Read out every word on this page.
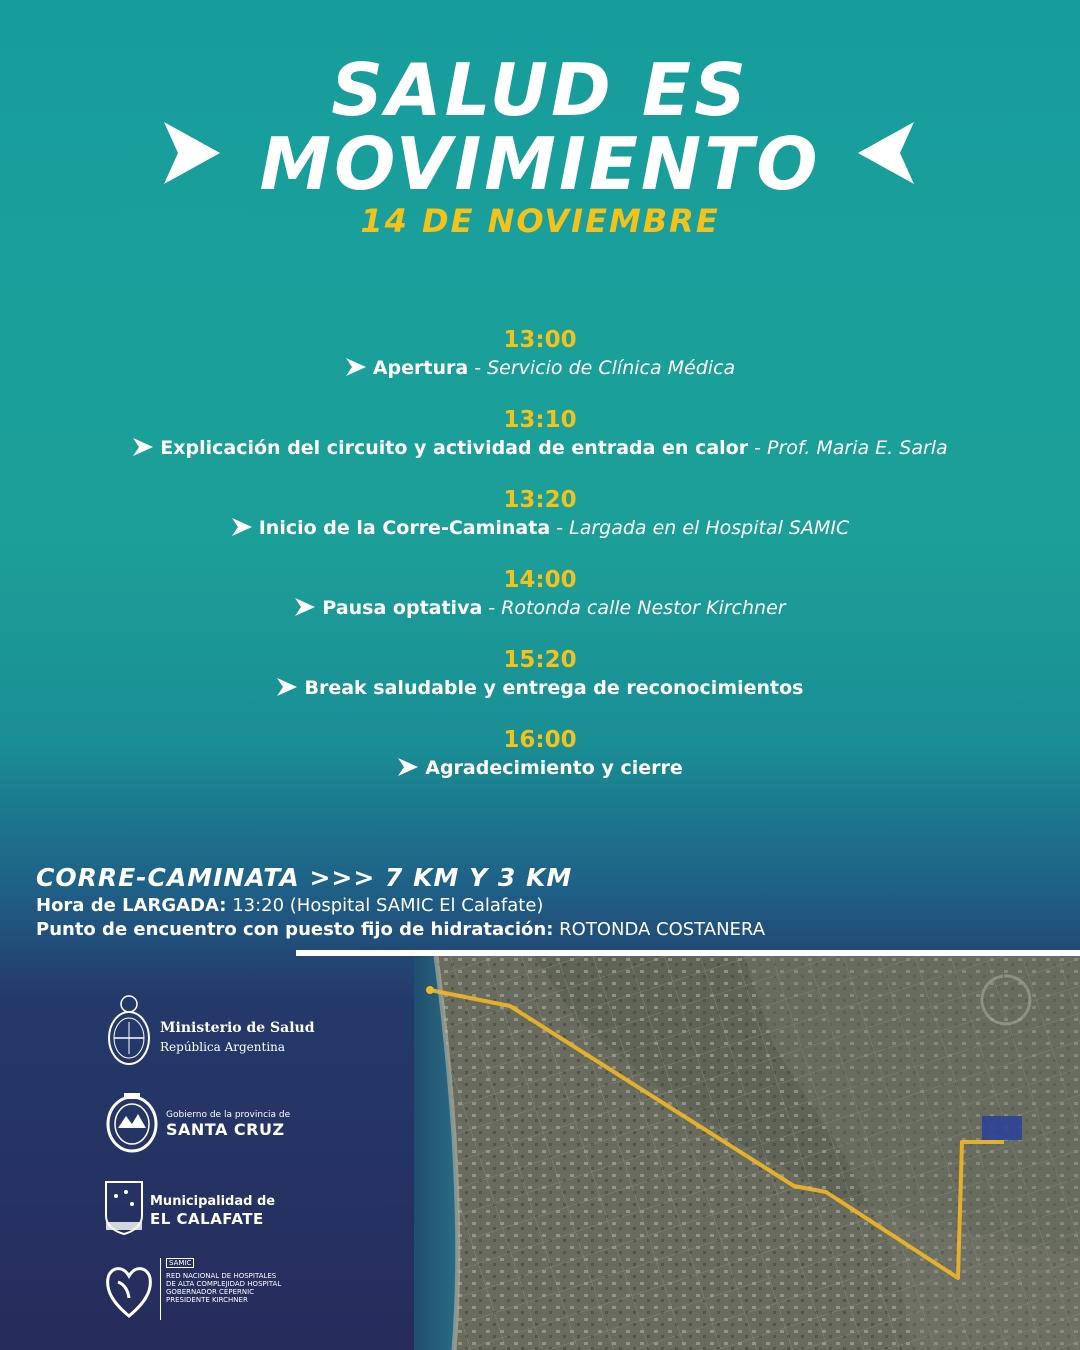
SALUD ES
MOVIMIENTO
14 DE NOVIEMBRE
13:00
Apertura - Servicio de Clínica Médica
13:10
Explicación del circuito y actividad de entrada en calor - Prof. Maria E. Sarla
13:20
Inicio de la Corre-Caminata - Largada en el Hospital SAMIC
14:00
Pausa optativa - Rotonda calle Nestor Kirchner
15:20
Break saludable y entrega de reconocimientos
16:00
Agradecimiento y cierre
CORRE-CAMINATA >>> 7 KM Y 3 KM
Hora de LARGADA: 13:20 (Hospital SAMIC El Calafate)
Punto de encuentro con puesto fijo de hidratación: ROTONDA COSTANERA
Ministerio de Salud
República Argentina
Gobierno de la provincia de
SANTA CRUZ
Municipalidad de
EL CALAFATE
SAMIC
RED NACIONAL DE HOSPITALES DE ALTA COMPLEJIDAD HOSPITAL GOBERNADOR CEPERNIC PRESIDENTE KIRCHNER
